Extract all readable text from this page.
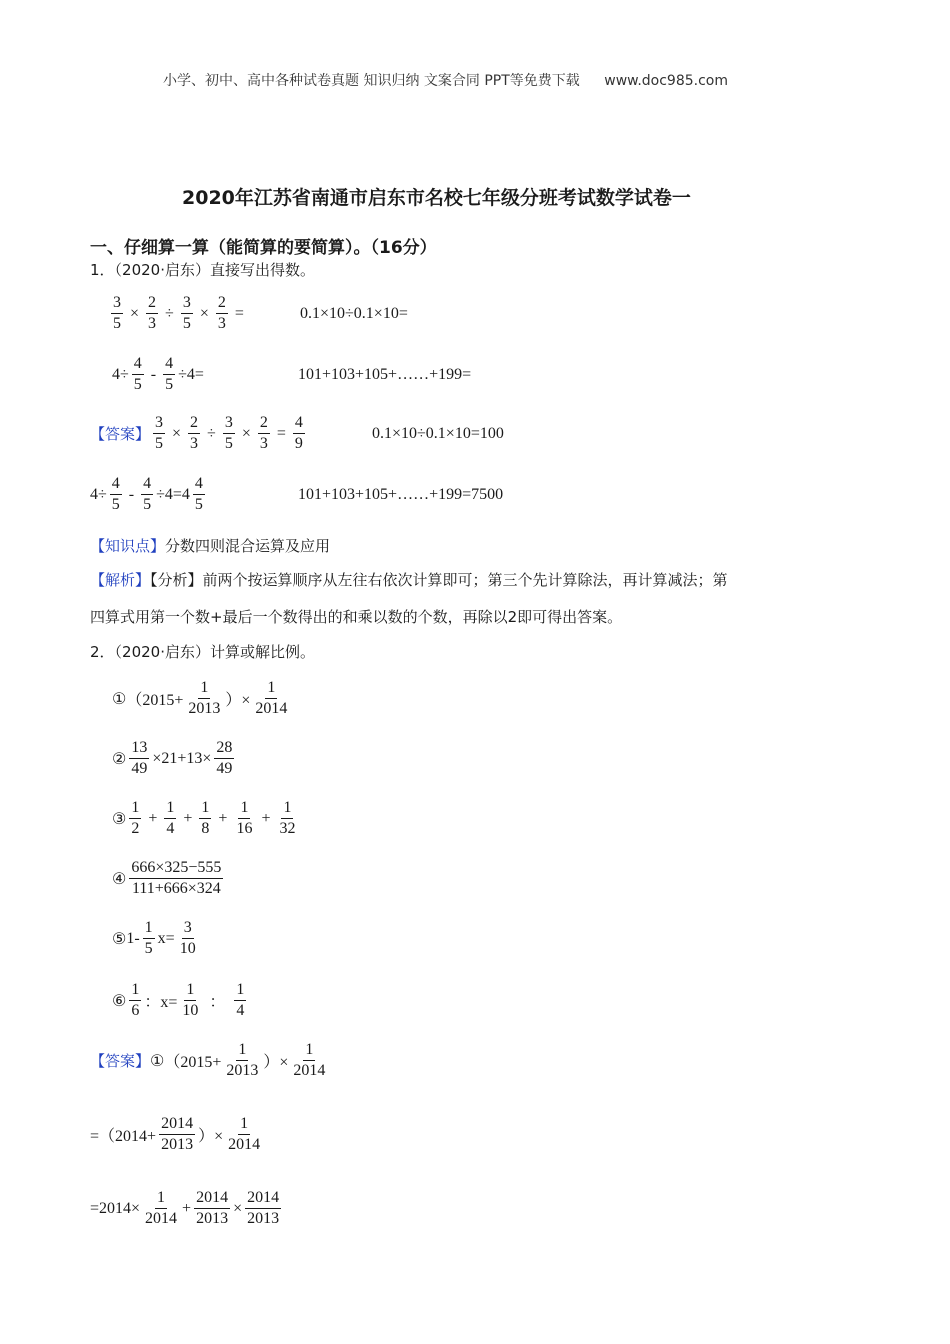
小学、初中、高中各种试卷真题 知识归纳 文案合同 PPT等免费下载 www.doc985.com
2020年江苏省南通市启东市名校七年级分班考试数学试卷一
一、仔细算一算（能简算的要简算）。（16分）
1．（2020·启东）直接写出得数。
$\frac{3}{5} \times \frac{2}{3} \div \frac{3}{5} \times \frac{2}{3}$ =	0.1×10÷0.1×10=
$4\div \frac{4}{5} - \frac{4}{5} \div 4=$	101+103+105+……+199=
【答案】 $\frac{3}{5} \times \frac{2}{3} \div \frac{3}{5} \times \frac{2}{3} = \frac{4}{9}$	0.1×10÷0.1×10=100
$4\div \frac{4}{5} - \frac{4}{5} \div 4=4 \frac{4}{5}$	101+103+105+……+199=7500
【知识点】分数四则混合运算及应用
【解析】【分析】前两个按运算顺序从左往右依次计算即可；第三个先计算除法，再计算减法；第
四算式用第一个数+最后一个数得出的和乘以数的个数，再除以2即可得出答案。
2．（2020·启东）计算或解比例。
① （$2015+ \frac{1}{2013}$ ）× $\frac{1}{2014}$
② $\frac{13}{49} \times 21+13\times \frac{28}{49}$
③ $\frac{1}{2} + \frac{1}{4} + \frac{1}{8} + \frac{1}{16} + \frac{1}{32}$
④ $\frac{666\times 325-555}{111+666\times 324}$
⑤ $1- \frac{1}{5} x= \frac{3}{10}$
⑥ $\frac{1}{6}$ ：$x= \frac{1}{10}$ ： $\frac{1}{4}$
【答案】 ① （$2015+ \frac{1}{2013}$ ）× $\frac{1}{2014}$
$=(2014+ \frac{2014}{2013}$ ）× $\frac{1}{2014}$
$=2014\times \frac{1}{2014} + \frac{2014}{2013} \times \frac{2014}{2013}$
